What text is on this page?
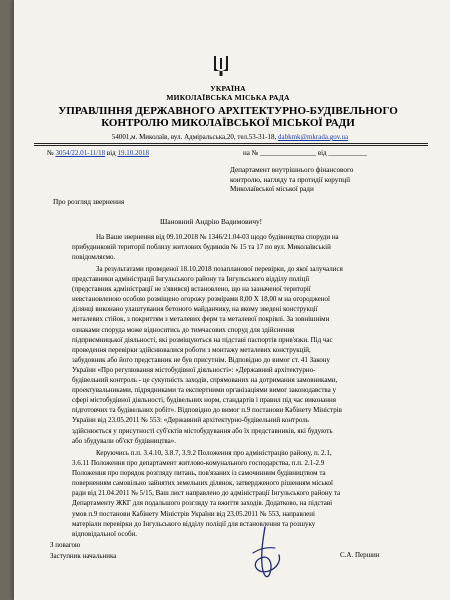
УКРАЇНА
МИКОЛАЇВСЬКА МІСЬКА РАДА
УПРАВЛІННЯ ДЕРЖАВНОГО АРХІТЕКТУРНО-БУДІВЕЛЬНОГО
КОНТРОЛЮ МИКОЛАЇВСЬКОЇ МІСЬКОЇ РАДИ
54001,м. Миколаїв, вул. Адміральська,20, тел.53-31-18, dabkmk@mkrada.gov.ua
№ 3054/22.01-11/18 від 19.10.2018	на № ________________ від ___________
Департамент внутрішнього фінансового
контролю, нагляду та протидії корупції
Миколаївської міської ради
Про розгляд звернення
Шановний Андрію Вадимовичу!
На Ваше звернення від 09.10.2018 № 1346/21.04-03 щодо будівництва споруди на
прибудинковій території поблизу житлових будинків № 15 та 17 по вул. Миколаївській
повідомляємо.
За результатами проведеної 18.10.2018 позапланової перевірки, до якої залучалися
представники адміністрації Інгульського району та Інгульського відділу поліції
(представник адміністрації не з'явився) встановлено, що на зазначеної території
невстановленою особою розміщено огорожу розмірами 8,00 Х 18,00 м на огородженої
ділянці виконано улаштування бетоного майданчику, на якому зведені конструкції
металевих стійок, з покриттям з металевих ферм та металевої покрівлі. За зовнішніми
ознаками споруда може відноситись до тимчасових споруд для здійснення
підприємницької діяльності, які розміщуються на підставі паспортів прив'язки. Під час
проведення перевірки здійснювалися роботи з монтажу металевих конструкцій,
забудовник або його представник не був присутнім. Відповідно до вимог ст. 41 Закону
України «Про регулювання містобудівної діяльності»: «Державний архітектурно-
будівельний контроль - це сукупність заходів, спрямованих на дотримання замовниками,
проектувальниками, підрядниками та експертними організаціями вимог законодавства у
сфері містобудівної діяльності, будівельних норм, стандартів і правил під час виконання
підготовчих та будівельних робіт». Відповідно до вимог п.9 постанови Кабінету Міністрів
України від 23.05.2011 № 553: «Державний архітектурно-будівельний контроль
здійснюється у присутності суб'єктів містобудування або їх представників, які будують
або збудували об'єкт будівництва».
Керуючись п.п. 3.4.10, 3.8.7, 3.9.2 Положення про адміністрацію району, п. 2.1,
3.6.11 Положення про департамент житлово-комунального господарства, п.п. 2.1-2.9
Положення про порядок розгляду питань, пов'язаних із самочинним будівництвом та
поверненням самовільно зайнятих земельних ділянок, затвердженого рішенням міської
ради від 21.04.2011 № 5/15, Ваш лист направлено до адміністрації Інгульського району та
Департаменту ЖКГ для подальшого розгляду та вжиття заходів. Додатково, на підставі
умов п.9 постанови Кабінету Міністрів України від 23.05.2011 № 553, направлені
матеріали перевірки до Інгульського відділу поліції для встановлення та розшуку
відповідальної особи.
З повагою
Заступник начальника	С.А. Першин
